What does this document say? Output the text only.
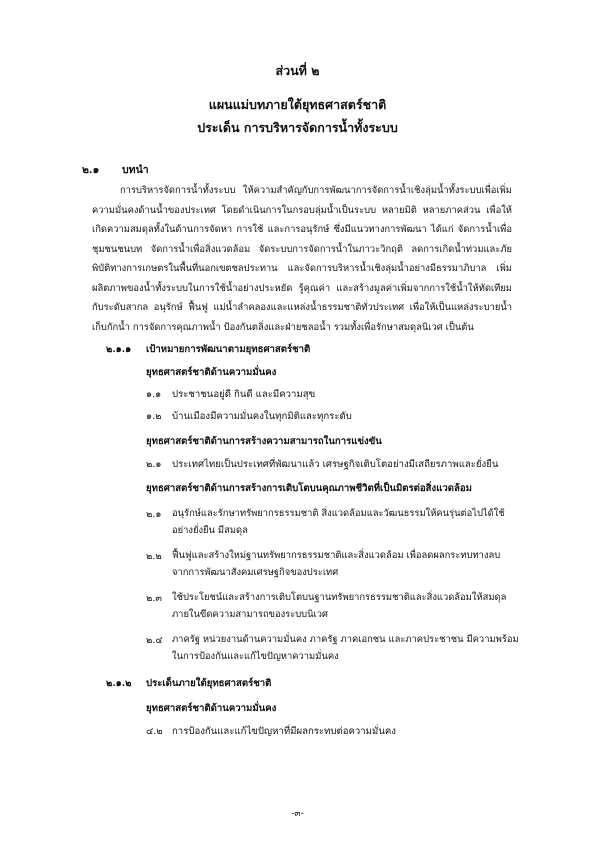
ส่วนที่ ๒
แผนแม่บทภายใต้ยุทธศาสตร์ชาติ
ประเด็น การบริหารจัดการน้ำทั้งระบบ
๒.๑ บทนำ
การบริหารจัดการน้ำทั้งระบบ ให้ความสำคัญกับการพัฒนาการจัดการน้ำเชิงลุ่มน้ำทั้งระบบเพื่อเพิ่มความมั่นคงด้านน้ำของประเทศ โดยดำเนินการในกรอบลุ่มน้ำเป็นระบบ หลายมิติ หลายภาคส่วน เพื่อให้เกิดความสมดุลทั้งในด้านการจัดหา การใช้ และการอนุรักษ์ ซึ่งมีแนวทางการพัฒนา ได้แก่ จัดการน้ำเพื่อชุมชนชนบท จัดการน้ำเพื่อสิ่งแวดล้อม จัดระบบการจัดการน้ำในภาวะวิกฤติ ลดการเกิดน้ำท่วมและภัยพิบัติทางการเกษตรในพื้นที่นอกเขตชลประทาน และจัดการบริหารน้ำเชิงลุ่มน้ำอย่างมีธรรมาภิบาล เพิ่มผลิตภาพของน้ำทั้งระบบในการใช้น้ำอย่างประหยัด รู้คุณค่า และสร้างมูลค่าเพิ่มจากการใช้น้ำให้ทัดเทียมกับระดับสากล อนุรักษ์ ฟื้นฟู แม่น้ำลำคลองและแหล่งน้ำธรรมชาติทั่วประเทศ เพื่อให้เป็นแหล่งระบายน้ำ เก็บกักน้ำ การจัดการคุณภาพน้ำ ป้องกันตลิ่งและฝ่ายชลอน้ำ รวมทั้งเพื่อรักษาสมดุลนิเวศ เป็นต้น
๒.๑.๑ เป้าหมายการพัฒนาตามยุทธศาสตร์ชาติ
ยุทธศาสตร์ชาติด้านความมั่นคง
๑.๑ ประชาชนอยู่ดี กินดี และมีความสุข
๑.๒ บ้านเมืองมีความมั่นคงในทุกมิติและทุกระดับ
ยุทธศาสตร์ชาติด้านการสร้างความสามารถในการแข่งขัน
๒.๑ ประเทศไทยเป็นประเทศที่พัฒนาแล้ว เศรษฐกิจเติบโตอย่างมีเสถียรภาพและยั่งยืน
ยุทธศาสตร์ชาติด้านการสร้างการเติบโตบนคุณภาพชีวิตที่เป็นมิตรต่อสิ่งแวดล้อม
๒.๑ อนุรักษ์และรักษาทรัพยากรธรรมชาติ สิ่งแวดล้อมและวัฒนธรรมให้คนรุ่นต่อไปได้ใช้
อย่างยั่งยืน มีสมดุล
๒.๒ ฟื้นฟูและสร้างใหม่ฐานทรัพยากรธรรมชาติและสิ่งแวดล้อม เพื่อลดผลกระทบทางลบ
จากการพัฒนาสังคมเศรษฐกิจของประเทศ
๒.๓ ใช้ประโยชน์และสร้างการเติบโตบนฐานทรัพยากรธรรมชาติและสิ่งแวดล้อมให้สมดุล
ภายในขีดความสามารถของระบบนิเวศ
๒.๔ ภาครัฐ หน่วยงานด้านความมั่นคง ภาครัฐ ภาคเอกชน และภาคประชาชน มีความพร้อม
ในการป้องกันและแก้ไขปัญหาความมั่นคง
๒.๑.๒ ประเด็นภายใต้ยุทธศาสตร์ชาติ
ยุทธศาสตร์ชาติด้านความมั่นคง
๔.๒ การป้องกันและแก้ไขปัญหาที่มีผลกระทบต่อความมั่นคง
-๓-
